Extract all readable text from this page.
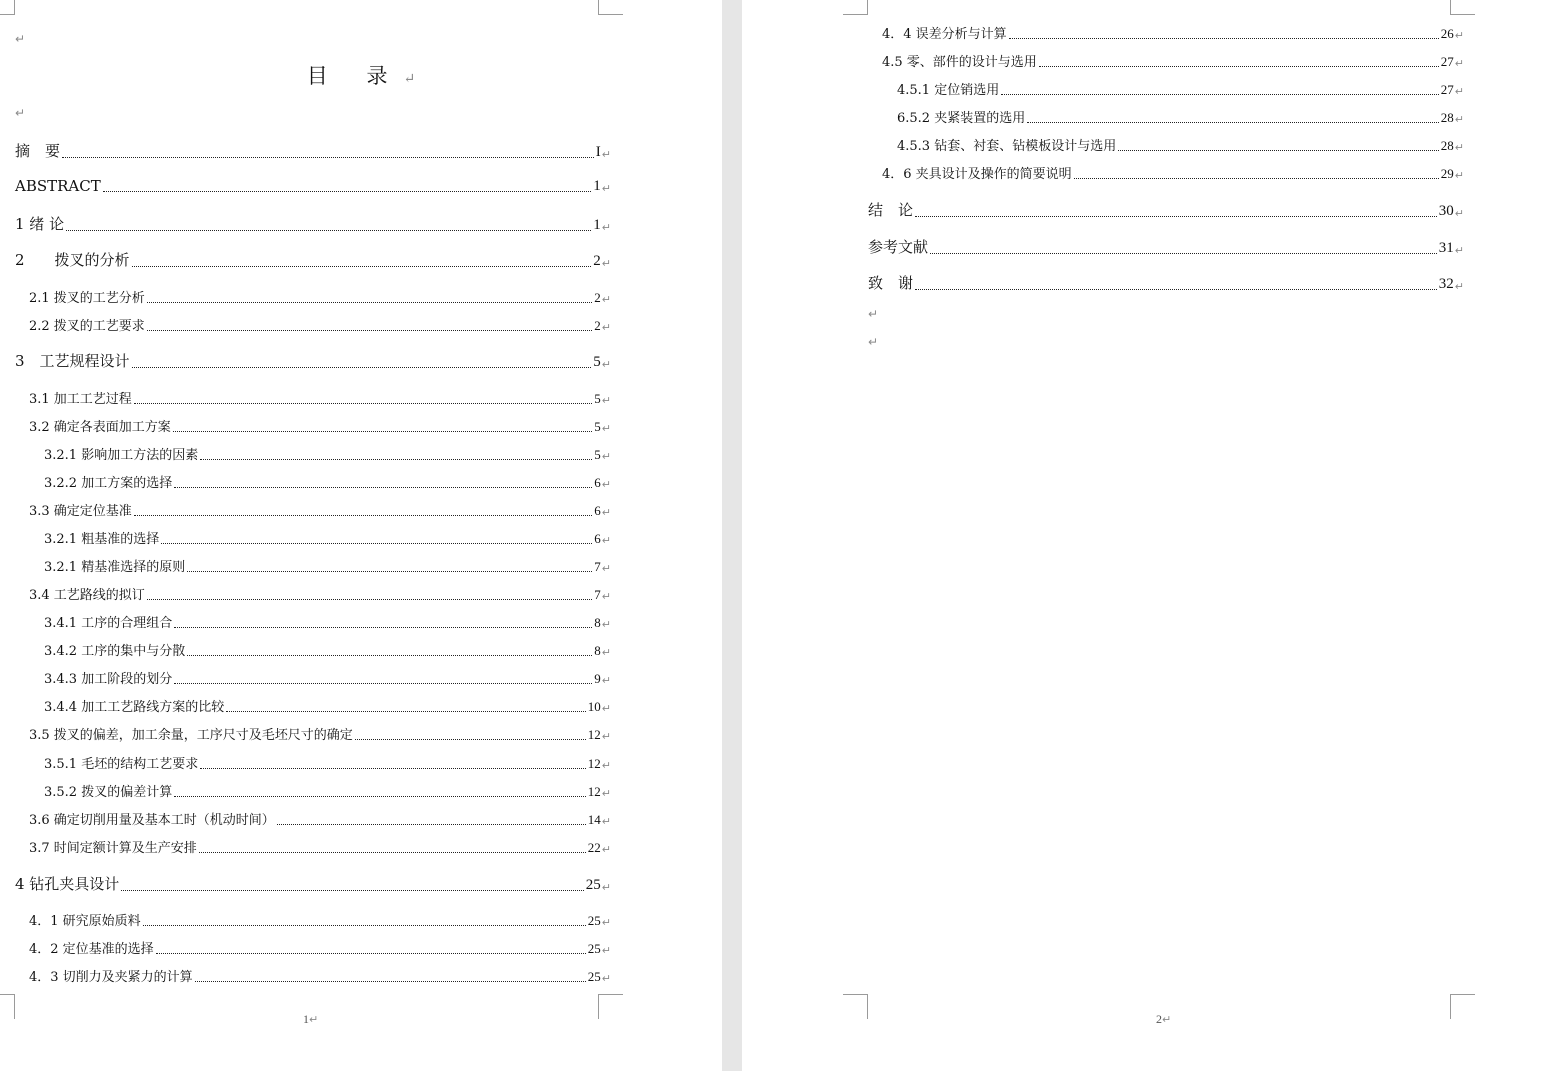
↵
目 录↵
↵
摘　要	I ↵
ABSTRACT	1 ↵
1 绪 论	1 ↵
2　　拨叉的分析	2 ↵
2.1 拨叉的工艺分析	2 ↵
2.2 拨叉的工艺要求	2 ↵
3　工艺规程设计	5 ↵
3.1 加工工艺过程	5 ↵
3.2 确定各表面加工方案	5 ↵
3.2.1 影响加工方法的因素	5 ↵
3.2.2 加工方案的选择	6 ↵
3.3 确定定位基准	6 ↵
3.2.1 粗基准的选择	6 ↵
3.2.1 精基准选择的原则	7 ↵
3.4 工艺路线的拟订	7 ↵
3.4.1 工序的合理组合	8 ↵
3.4.2 工序的集中与分散	8 ↵
3.4.3 加工阶段的划分	9 ↵
3.4.4 加工工艺路线方案的比较	10 ↵
3.5 拨叉的偏差，加工余量，工序尺寸及毛坯尺寸的确定	12 ↵
3.5.1 毛坯的结构工艺要求	12 ↵
3.5.2 拨叉的偏差计算	12 ↵
3.6 确定切削用量及基本工时（机动时间）	14 ↵
3.7 时间定额计算及生产安排	22 ↵
4 钻孔夹具设计	25 ↵
4．1 研究原始质料	25 ↵
4．2 定位基准的选择	25 ↵
4．3 切削力及夹紧力的计算	25 ↵
1↵
4．4 误差分析与计算	26 ↵
4.5 零、部件的设计与选用	27 ↵
4.5.1 定位销选用	27 ↵
6.5.2 夹紧装置的选用	28 ↵
4.5.3 钻套、衬套、钻模板设计与选用	28 ↵
4．6 夹具设计及操作的简要说明	29 ↵
结　论	30 ↵
参考文献	31 ↵
致　谢	32 ↵
↵
↵
2↵
